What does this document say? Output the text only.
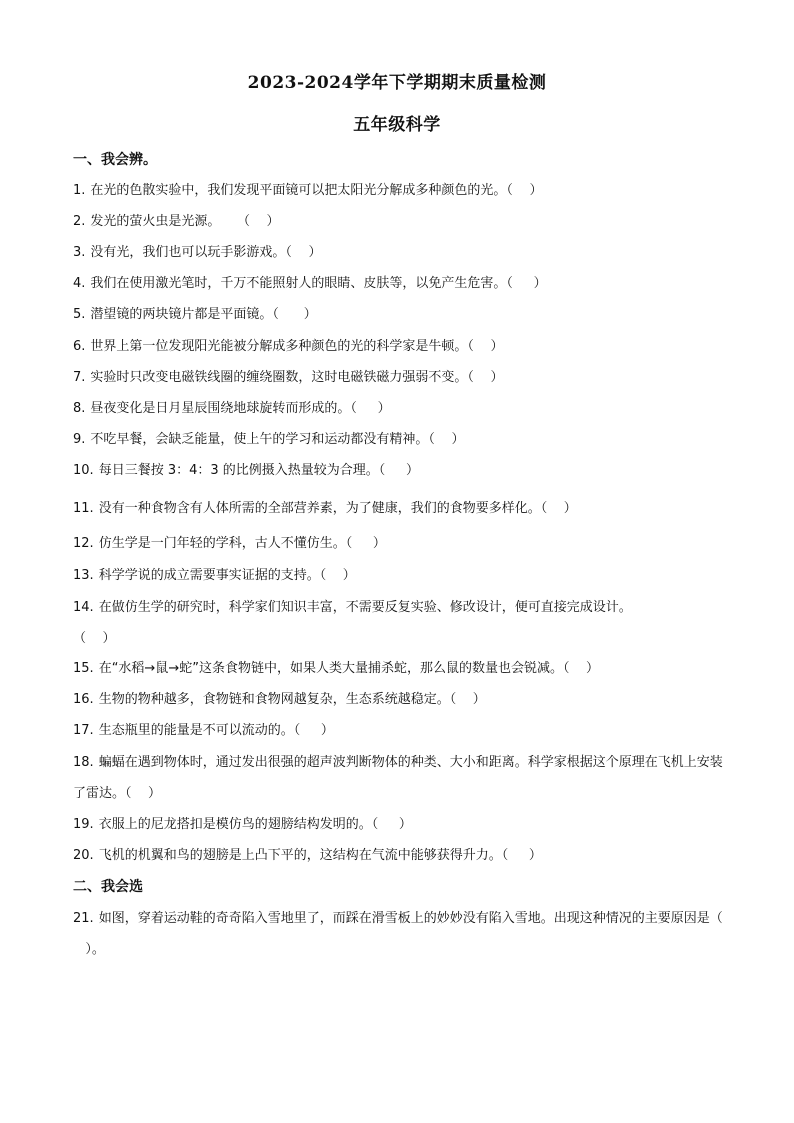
2023-2024学年下学期期末质量检测
五年级科学
一、我会辨。
1. 在光的色散实验中，我们发现平面镜可以把太阳光分解成多种颜色的光。（ ）
2. 发光的萤火虫是光源。    （    ）
3. 没有光，我们也可以玩手影游戏。（ ）
4. 我们在使用激光笔时，千万不能照射人的眼睛、皮肤等，以免产生危害。（ ）
5. 潜望镜的两块镜片都是平面镜。（ ）
6. 世界上第一位发现阳光能被分解成多种颜色的光的科学家是牛顿。（ ）
7. 实验时只改变电磁铁线圈的缠绕圈数，这时电磁铁磁力强弱不变。（ ）
8. 昼夜变化是日月星辰围绕地球旋转而形成的。（ ）
9. 不吃早餐，会缺乏能量，使上午的学习和运动都没有精神。（ ）
10. 每日三餐按 3：4：3 的比例摄入热量较为合理。（ ）
11. 没有一种食物含有人体所需的全部营养素，为了健康，我们的食物要多样化。（ ）
12. 仿生学是一门年轻的学科，古人不懂仿生。（ ）
13. 科学学说的成立需要事实证据的支持。（ ）
14. 在做仿生学的研究时，科学家们知识丰富，不需要反复实验、修改设计，便可直接完成设计。
（    ）
15. 在“水稻→鼠→蛇”这条食物链中，如果人类大量捕杀蛇，那么鼠的数量也会锐减。（ ）
16. 生物的物种越多，食物链和食物网越复杂，生态系统越稳定。（ ）
17. 生态瓶里的能量是不可以流动的。（ ）
18. 蝙蝠在遇到物体时，通过发出很强的超声波判断物体的种类、大小和距离。科学家根据这个原理在飞机上安装了雷达。（ ）
19. 衣服上的尼龙搭扣是模仿鸟的翅膀结构发明的。（ ）
20. 飞机的机翼和鸟的翅膀是上凸下平的，这结构在气流中能够获得升力。（ ）
二、我会选
21. 如图，穿着运动鞋的奇奇陷入雪地里了，而踩在滑雪板上的妙妙没有陷入雪地。出现这种情况的主要原因是（   ）。
